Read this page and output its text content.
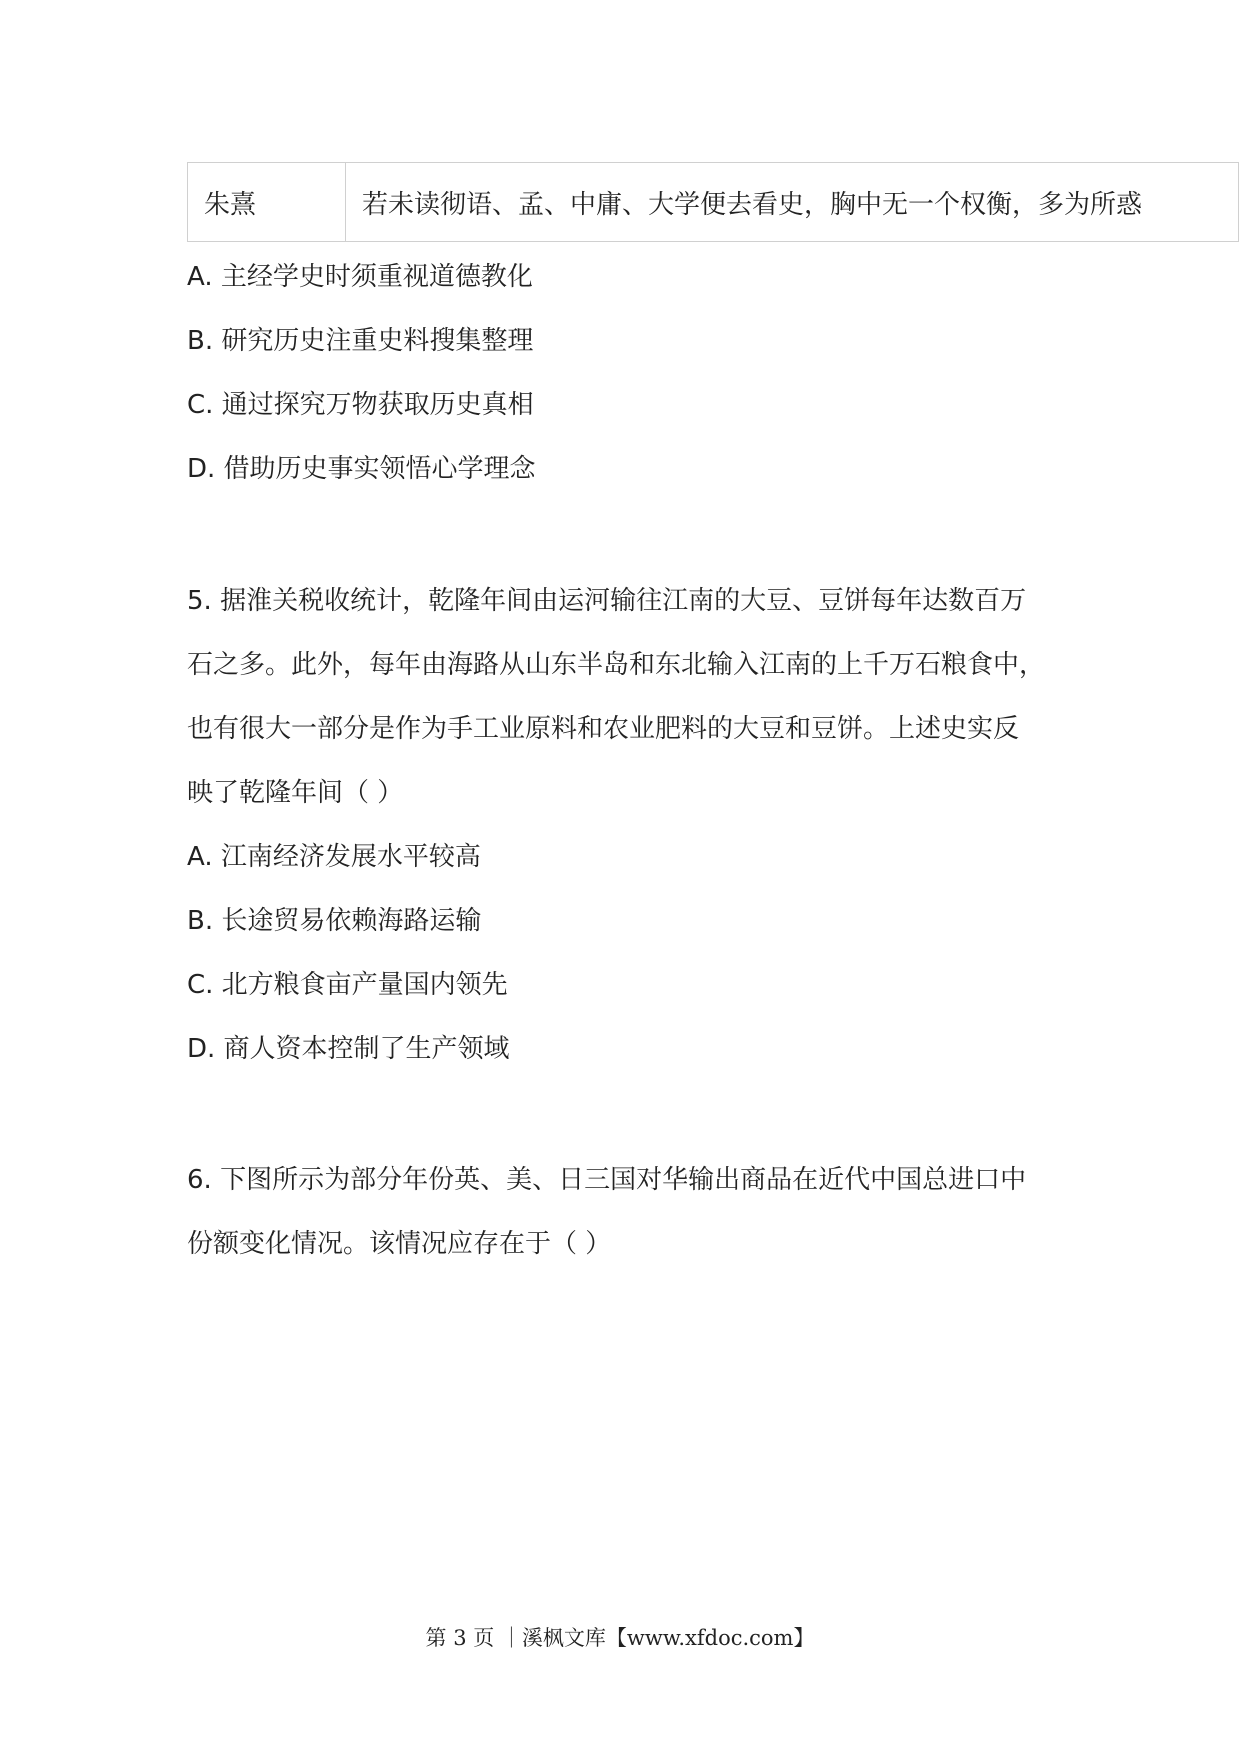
朱熹	若未读彻语、孟、中庸、大学便去看史，胸中无一个权衡，多为所惑
A. 主经学史时须重视道德教化
B. 研究历史注重史料搜集整理
C. 通过探究万物获取历史真相
D. 借助历史事实领悟心学理念
5. 据淮关税收统计，乾隆年间由运河输往江南的大豆、豆饼每年达数百万
石之多。此外，每年由海路从山东半岛和东北输入江南的上千万石粮食中，
也有很大一部分是作为手工业原料和农业肥料的大豆和豆饼。上述史实反
映了乾隆年间（ ）
A. 江南经济发展水平较高
B. 长途贸易依赖海路运输
C. 北方粮食亩产量国内领先
D. 商人资本控制了生产领域
6. 下图所示为部分年份英、美、日三国对华输出商品在近代中国总进口中
份额变化情况。该情况应存在于（ ）
第 3 页 ｜溪枫文库【www.xfdoc.com】
